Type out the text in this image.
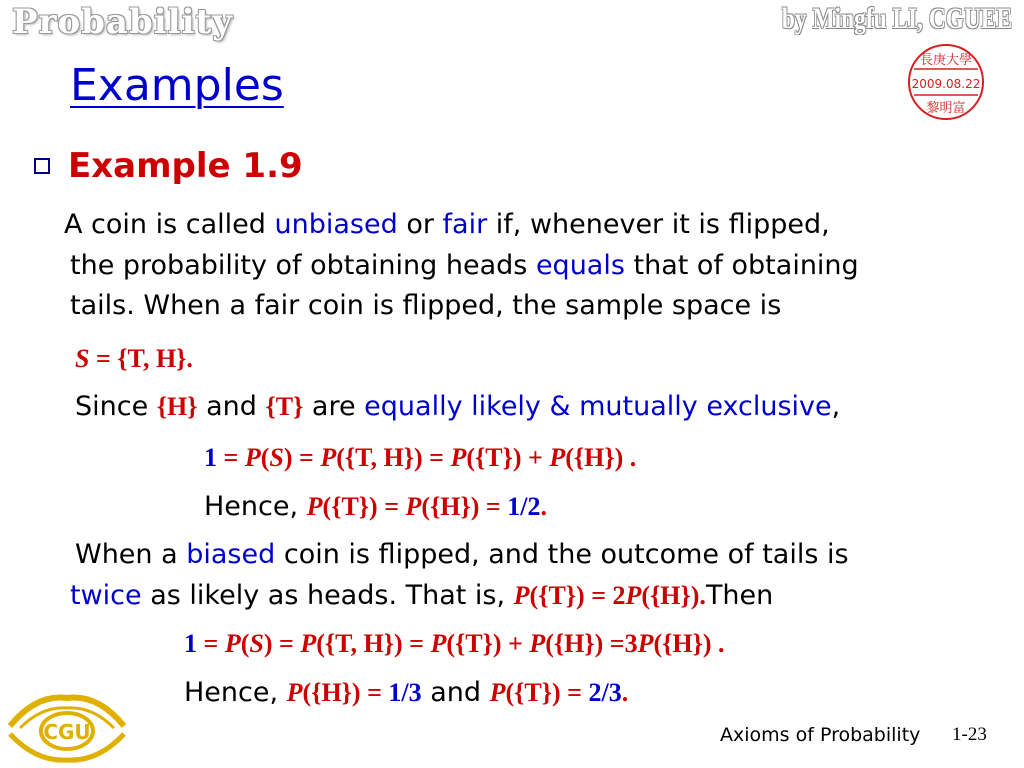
Probability	by Mingfu LI, CGUEE
長庚大學
2009.08.22
黎明富
Examples
Example 1.9
A coin is called unbiased or fair if, whenever it is flipped,
the probability of obtaining heads equals that of obtaining
tails. When a fair coin is flipped, the sample space is
S = {T, H}.
Since {H} and {T} are equally likely & mutually exclusive,
1 = P(S) = P({T, H}) = P({T}) + P({H}) .
Hence, P({T}) = P({H}) = 1/2.
When a biased coin is flipped, and the outcome of tails is
twice as likely as heads. That is, P({T}) = 2P({H}).Then
1 = P(S) = P({T, H}) = P({T}) + P({H}) =3P({H}) .
Hence, P({H}) = 1/3 and P({T}) = 2/3.
CGU	Axioms of Probability 1-23
